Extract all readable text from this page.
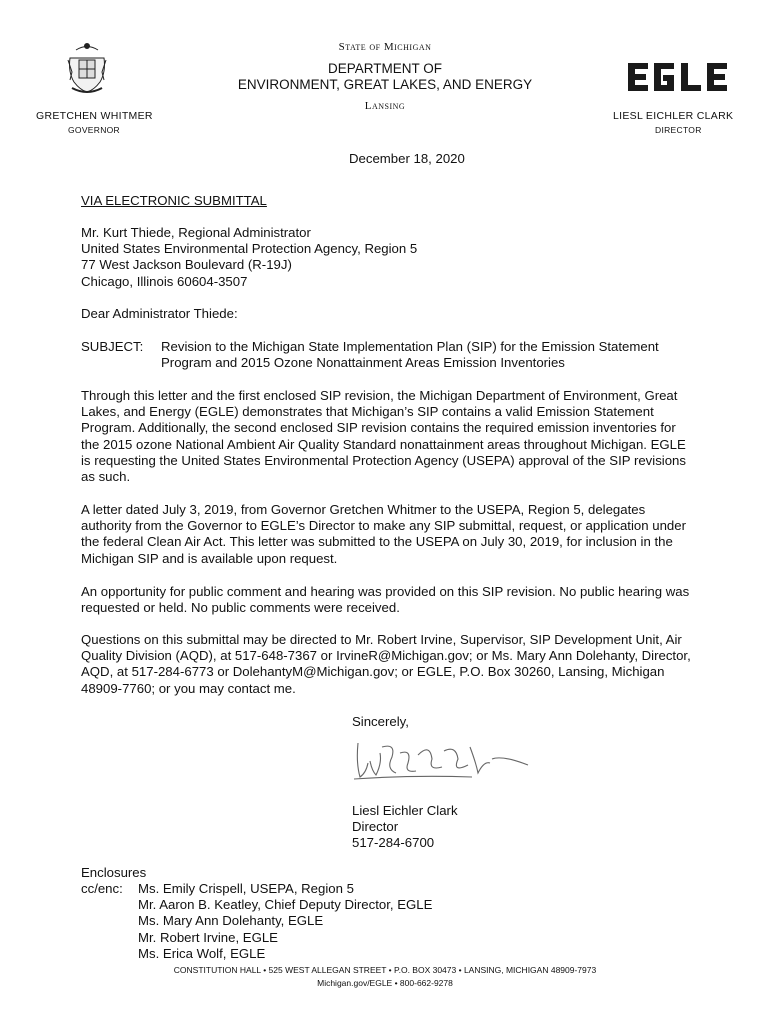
State of Michigan
DEPARTMENT OF
ENVIRONMENT, GREAT LAKES, AND ENERGY
Lansing
GRETCHEN WHITMER
GOVERNOR
EGLE
LIESL EICHLER CLARK
DIRECTOR
December 18, 2020
VIA ELECTRONIC SUBMITTAL
Mr. Kurt Thiede, Regional Administrator
United States Environmental Protection Agency, Region 5
77 West Jackson Boulevard (R-19J)
Chicago, Illinois 60604-3507
Dear Administrator Thiede:
SUBJECT:	Revision to the Michigan State Implementation Plan (SIP) for the Emission Statement
Program and 2015 Ozone Nonattainment Areas Emission Inventories

Through this letter and the first enclosed SIP revision, the Michigan Department of Environment, Great Lakes, and Energy (EGLE) demonstrates that Michigan’s SIP contains a valid Emission Statement Program. Additionally, the second enclosed SIP revision contains the required emission inventories for the 2015 ozone National Ambient Air Quality Standard nonattainment areas throughout Michigan. EGLE is requesting the United States Environmental Protection Agency (USEPA) approval of the SIP revisions as such.

A letter dated July 3, 2019, from Governor Gretchen Whitmer to the USEPA, Region 5, delegates authority from the Governor to EGLE’s Director to make any SIP submittal, request, or application under the federal Clean Air Act. This letter was submitted to the USEPA on July 30, 2019, for inclusion in the Michigan SIP and is available upon request.

An opportunity for public comment and hearing was provided on this SIP revision. No public hearing was requested or held. No public comments were received.

Questions on this submittal may be directed to Mr. Robert Irvine, Supervisor, SIP Development Unit, Air Quality Division (AQD), at 517-648-7367 or IrvineR@Michigan.gov; or Ms. Mary Ann Dolehanty, Director, AQD, at 517-284-6773 or DolehantyM@Michigan.gov; or EGLE, P.O. Box 30260, Lansing, Michigan 48909-7760; or you may contact me.

Sincerely,
Liesl Eichler Clark
Director
517-284-6700
Enclosures
cc/enc:	Ms. Emily Crispell, USEPA, Region 5
Mr. Aaron B. Keatley, Chief Deputy Director, EGLE
Ms. Mary Ann Dolehanty, EGLE
Mr. Robert Irvine, EGLE
Ms. Erica Wolf, EGLE
CONSTITUTION HALL • 525 WEST ALLEGAN STREET • P.O. BOX 30473 • LANSING, MICHIGAN 48909-7973
Michigan.gov/EGLE • 800-662-9278
